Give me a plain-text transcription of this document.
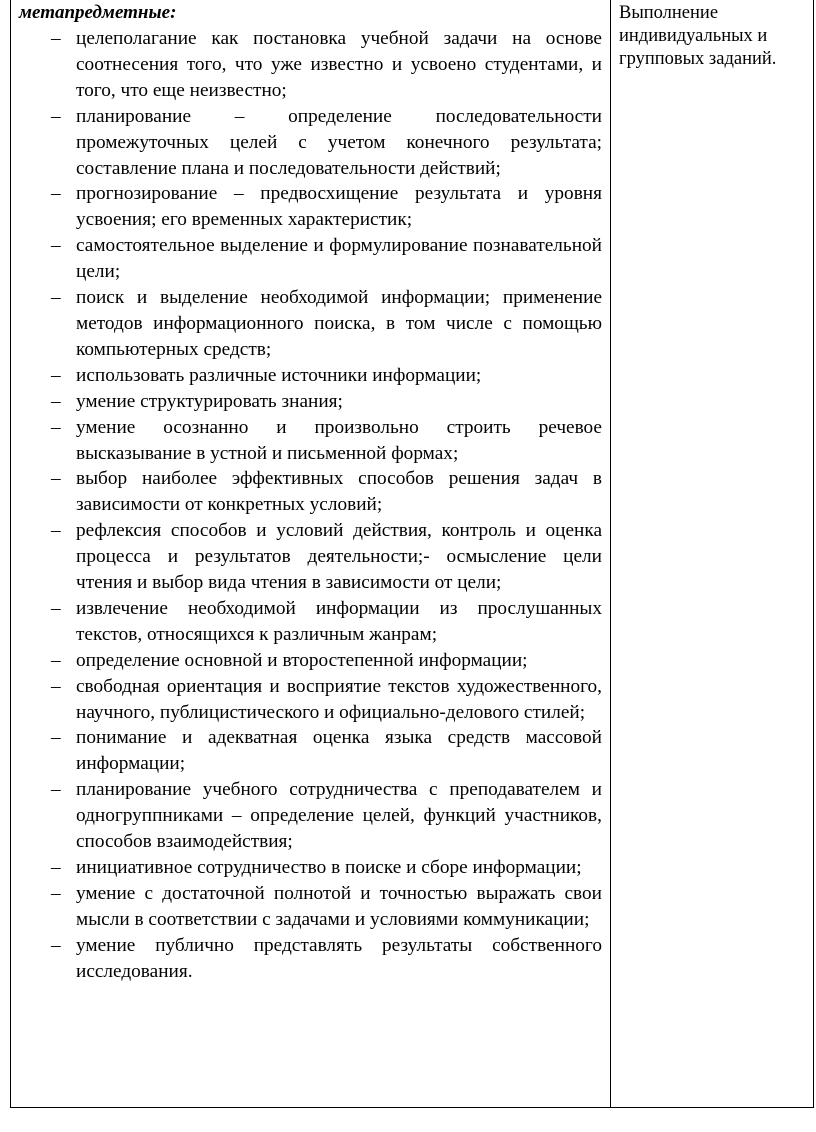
метапредметные:

– целеполагание как постановка учебной задачи на основе соотнесения того, что уже известно и усвоено студентами, и того, что еще неизвестно;
– планирование – определение последовательности промежуточных целей с учетом конечного результата; составление плана и последовательности действий;
– прогнозирование – предвосхищение результата и уровня усвоения; его временных характеристик;
– самостоятельное выделение и формулирование познавательной цели;
– поиск и выделение необходимой информации; применение методов информационного поиска, в том числе с помощью компьютерных средств;
– использовать различные источники информации;
– умение структурировать знания;
– умение осознанно и произвольно строить речевое высказывание в устной и письменной формах;
– выбор наиболее эффективных способов решения задач в зависимости от конкретных условий;
– рефлексия способов и условий действия, контроль и оценка процесса и результатов деятельности;- осмысление цели чтения и выбор вида чтения в зависимости от цели;
– извлечение необходимой информации из прослушанных текстов, относящихся к различным жанрам;
– определение основной и второстепенной информации;
– свободная ориентация и восприятие текстов художественного, научного, публицистического и официально-делового стилей;
– понимание и адекватная оценка языка средств массовой информации;
– планирование учебного сотрудничества с преподавателем и одногруппниками – определение целей, функций участников, способов взаимодействия;
– инициативное сотрудничество в поиске и сборе информации;
– умение с достаточной полнотой и точностью выражать свои мысли в соответствии с задачами и условиями коммуникации;
– умение публично представлять результаты собственного исследования.
Выполнение индивидуальных и групповых заданий.
